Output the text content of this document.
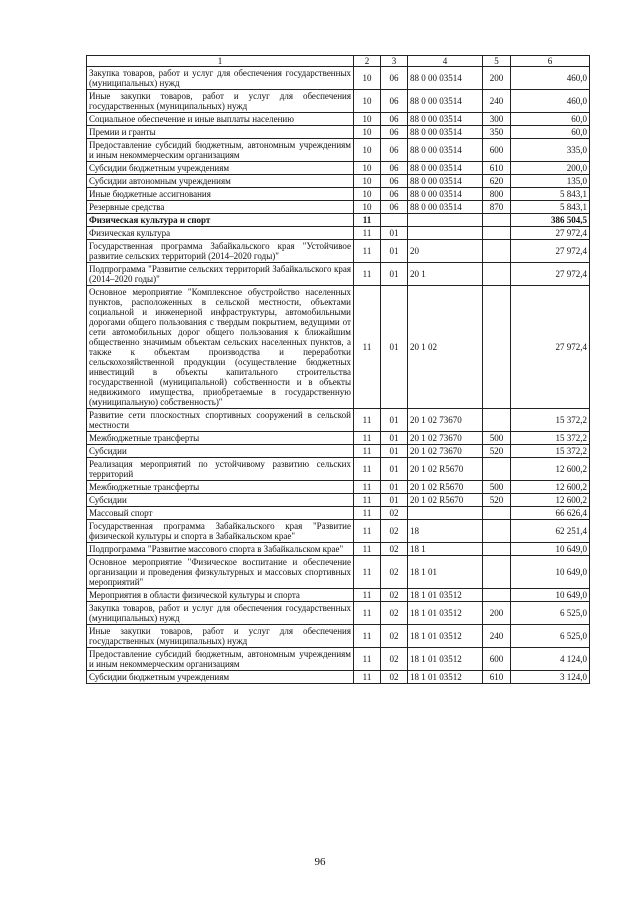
1	2	3	4	5	6
Закупка товаров, работ и услуг для обеспечения государственных (муниципальных) нужд	10	06	88 0 00 03514	200	460,0
Иные закупки товаров, работ и услуг для обеспечения государственных (муниципальных) нужд	10	06	88 0 00 03514	240	460,0
Социальное обеспечение и иные выплаты населению	10	06	88 0 00 03514	300	60,0
Премии и гранты	10	06	88 0 00 03514	350	60,0
Предоставление субсидий бюджетным, автономным учреждениям и иным некоммерческим организациям	10	06	88 0 00 03514	600	335,0
Субсидии бюджетным учреждениям	10	06	88 0 00 03514	610	200,0
Субсидии автономным учреждениям	10	06	88 0 00 03514	620	135,0
Иные бюджетные ассигнования	10	06	88 0 00 03514	800	5 843,1
Резервные средства	10	06	88 0 00 03514	870	5 843,1
Физическая культура и спорт	11				386 504,5
Физическая культура	11	01			27 972,4
Государственная программа Забайкальского края "Устойчивое развитие сельских территорий (2014–2020 годы)"	11	01	20		27 972,4
Подпрограмма "Развитие сельских территорий Забайкальского края (2014–2020 годы)"	11	01	20 1		27 972,4
Основное мероприятие "Комплексное обустройство населенных пунктов, расположенных в сельской местности, объектами социальной и инженерной инфраструктуры, автомобильными дорогами общего пользования с твердым покрытием, ведущими от сети автомобильных дорог общего пользования к ближайшим общественно значимым объектам сельских населенных пунктов, а также к объектам производства и переработки сельскохозяйственной продукции (осуществление бюджетных инвестиций в объекты капитального строительства государственной (муниципальной) собственности и в объекты недвижимого имущества, приобретаемые в государственную (муниципальную) собственность)"	11	01	20 1 02		27 972,4
Развитие сети плоскостных спортивных сооружений в сельской местности	11	01	20 1 02 73670		15 372,2
Межбюджетные трансферты	11	01	20 1 02 73670	500	15 372,2
Субсидии	11	01	20 1 02 73670	520	15 372,2
Реализация мероприятий по устойчивому развитию сельских территорий	11	01	20 1 02 R5670		12 600,2
Межбюджетные трансферты	11	01	20 1 02 R5670	500	12 600,2
Субсидии	11	01	20 1 02 R5670	520	12 600,2
Массовый спорт	11	02			66 626,4
Государственная программа Забайкальского края "Развитие физической культуры и спорта в Забайкальском крае"	11	02	18		62 251,4
Подпрограмма "Развитие массового спорта в Забайкальском крае"	11	02	18 1		10 649,0
Основное мероприятие "Физическое воспитание и обеспечение организации и проведения физкультурных и массовых спортивных мероприятий"	11	02	18 1 01		10 649,0
Мероприятия в области физической культуры и спорта	11	02	18 1 01 03512		10 649,0
Закупка товаров, работ и услуг для обеспечения государственных (муниципальных) нужд	11	02	18 1 01 03512	200	6 525,0
Иные закупки товаров, работ и услуг для обеспечения государственных (муниципальных) нужд	11	02	18 1 01 03512	240	6 525,0
Предоставление субсидий бюджетным, автономным учреждениям и иным некоммерческим организациям	11	02	18 1 01 03512	600	4 124,0
Субсидии бюджетным учреждениям	11	02	18 1 01 03512	610	3 124,0
96
